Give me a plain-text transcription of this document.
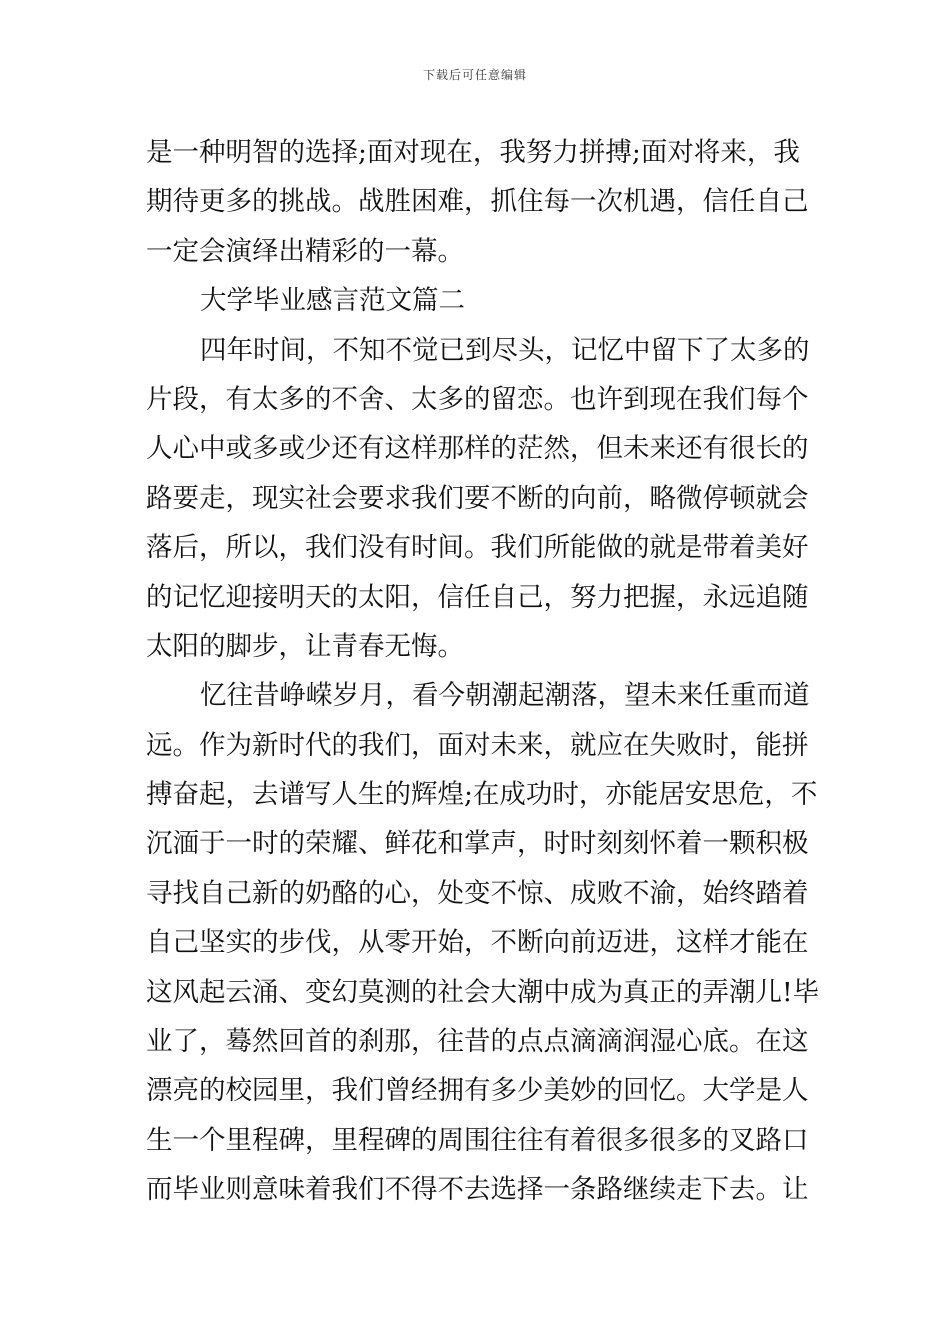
下载后可任意编辑
是一种明智的选择;面对现在，我努力拼搏;面对将来，我
期待更多的挑战。战胜困难，抓住每一次机遇，信任自己
一定会演绎出精彩的一幕。
大学毕业感言范文篇二
四年时间，不知不觉已到尽头，记忆中留下了太多的
片段，有太多的不舍、太多的留恋。也许到现在我们每个
人心中或多或少还有这样那样的茫然，但未来还有很长的
路要走，现实社会要求我们要不断的向前，略微停顿就会
落后，所以，我们没有时间。我们所能做的就是带着美好
的记忆迎接明天的太阳，信任自己，努力把握，永远追随
太阳的脚步，让青春无悔。
忆往昔峥嵘岁月，看今朝潮起潮落，望未来任重而道
远。作为新时代的我们，面对未来，就应在失败时，能拼
搏奋起，去谱写人生的辉煌;在成功时，亦能居安思危，不
沉湎于一时的荣耀、鲜花和掌声，时时刻刻怀着一颗积极
寻找自己新的奶酪的心，处变不惊、成败不渝，始终踏着
自己坚实的步伐，从零开始，不断向前迈进，这样才能在
这风起云涌、变幻莫测的社会大潮中成为真正的弄潮儿!毕
业了，蓦然回首的刹那，往昔的点点滴滴润湿心底。在这
漂亮的校园里，我们曾经拥有多少美妙的回忆。大学是人
生一个里程碑，里程碑的周围往往有着很多很多的叉路口
而毕业则意味着我们不得不去选择一条路继续走下去。让
